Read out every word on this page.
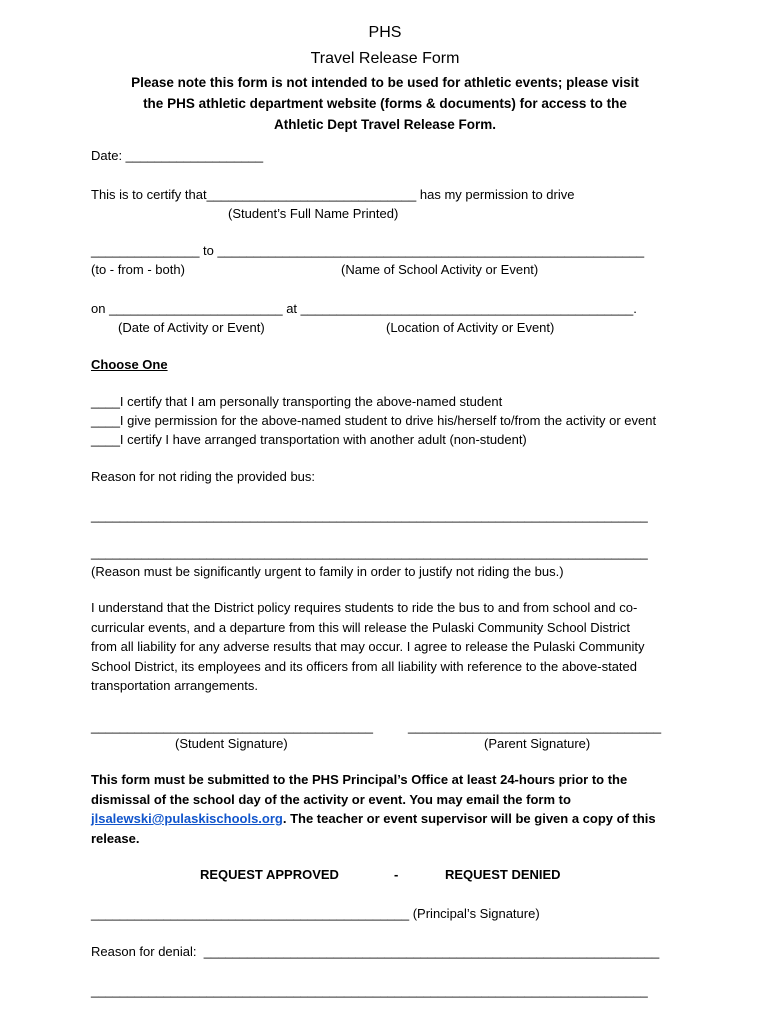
PHS
Travel Release Form
Please note this form is not intended to be used for athletic events; please visit
the PHS athletic department website (forms & documents) for access to the
Athletic Dept Travel Release Form.
Date: ___________________
This is to certify that_____________________________ has my permission to drive
(Student’s Full Name Printed)
_______________ to ___________________________________________________________
(to - from - both)	(Name of School Activity or Event)
on ________________________ at ______________________________________________.
(Date of Activity or Event)	(Location of Activity or Event)
Choose One
____I certify that I am personally transporting the above-named student
____I give permission for the above-named student to drive his/herself to/from the activity or event
____I certify I have arranged transportation with another adult (non-student)
Reason for not riding the provided bus:
_____________________________________________________________________________
_____________________________________________________________________________
(Reason must be significantly urgent to family in order to justify not riding the bus.)
I understand that the District policy requires students to ride the bus to and from school and co-curricular events, and a departure from this will release the Pulaski Community School District from all liability for any adverse results that may occur. I agree to release the Pulaski Community School District, its employees and its officers from all liability with reference to the above-stated transportation arrangements.
_______________________________________	___________________________________
(Student Signature)	(Parent Signature)
This form must be submitted to the PHS Principal’s Office at least 24-hours prior to the dismissal of the school day of the activity or event. You may email the form to jlsalewski@pulaskischools.org. The teacher or event supervisor will be given a copy of this release.
REQUEST APPROVED	-	REQUEST DENIED
____________________________________________ (Principal’s Signature)
Reason for denial:  _______________________________________________________________
_____________________________________________________________________________
